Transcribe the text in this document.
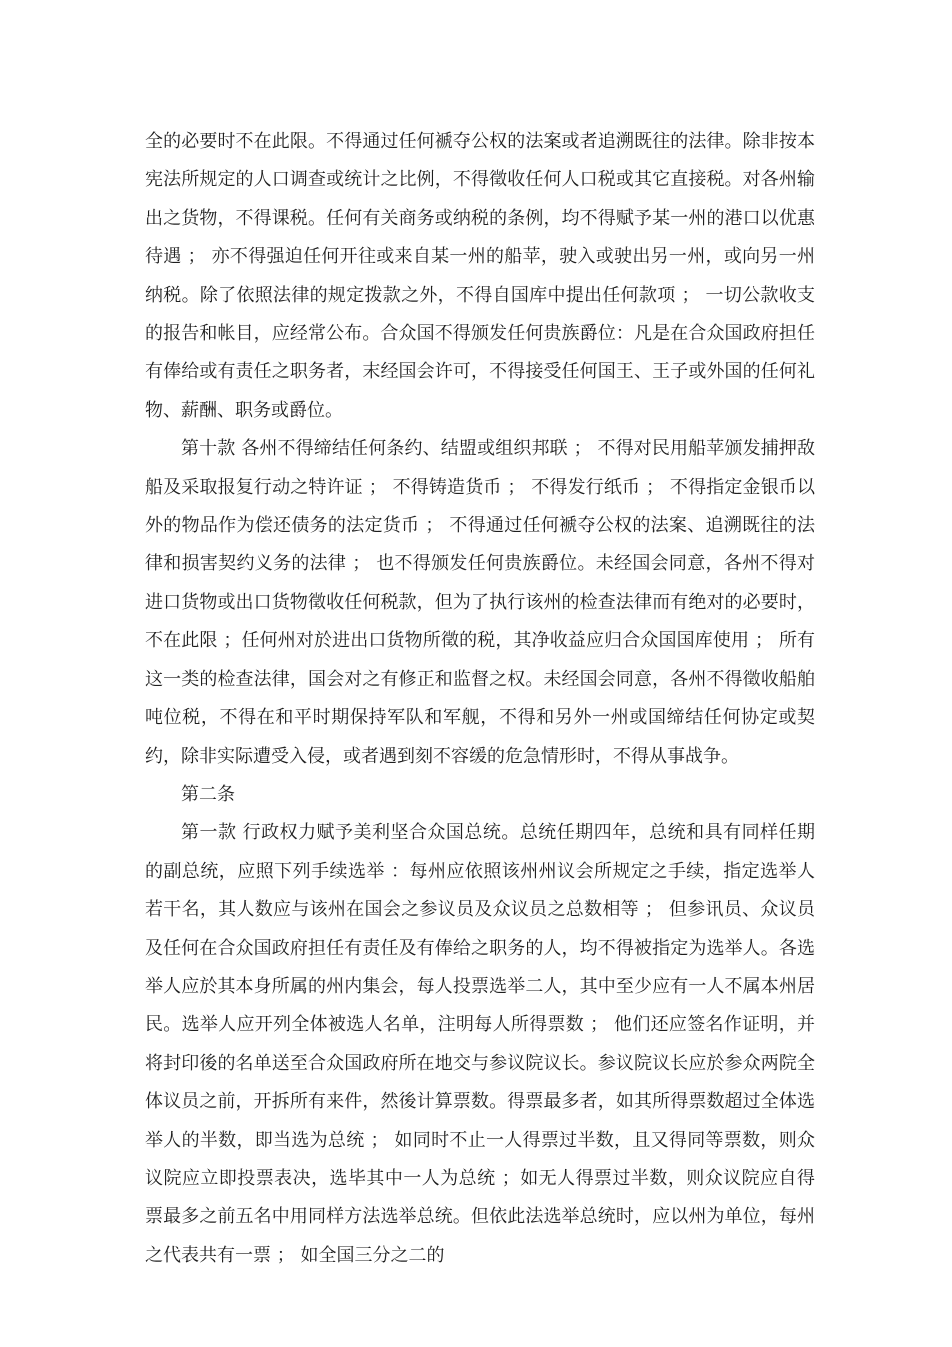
全的必要时不在此限。不得通过任何褫夺公权的法案或者追溯既往的法律。除非按本宪法所规定的人口调查或统计之比例，不得徵收任何人口税或其它直接税。对各州输出之货物，不得课税。任何有关商务或纳税的条例，均不得赋予某一州的港口以优惠待遇 ； 亦不得强迫任何开往或来自某一州的船苹，驶入或驶出另一州，或向另一州纳税。除了依照法律的规定拨款之外，不得自国库中提出任何款项 ； 一切公款收支的报告和帐目，应经常公布。合众国不得颁发任何贵族爵位：凡是在合众国政府担任有俸给或有责任之职务者，末经国会许可，不得接受任何国王、王子或外国的任何礼物、薪酬、职务或爵位。

第十款 各州不得缔结任何条约、结盟或组织邦联 ； 不得对民用船苹颁发捕押敌船及采取报复行动之特许证 ； 不得铸造货币 ； 不得发行纸币 ； 不得指定金银币以外的物品作为偿还债务的法定货币 ； 不得通过任何褫夺公权的法案、追溯既往的法律和损害契约义务的法律 ； 也不得颁发任何贵族爵位。未经国会同意，各州不得对进口货物或出口货物徵收任何税款，但为了执行该州的检查法律而有绝对的必要时，不在此限 ；任何州对於进出口货物所徵的税，其净收益应归合众国国库使用 ； 所有这一类的检查法律，国会对之有修正和监督之权。未经国会同意，各州不得徵收船舶吨位税，不得在和平时期保持军队和军舰，不得和另外一州或国缔结任何协定或契约，除非实际遭受入侵，或者遇到刻不容缓的危急情形时，不得从事战争。

第二条

第一款 行政权力赋予美利坚合众国总统。总统任期四年，总统和具有同样任期的副总统，应照下列手续选举 ：每州应依照该州州议会所规定之手续，指定选举人若干名，其人数应与该州在国会之参议员及众议员之总数相等 ； 但参讯员、众议员及任何在合众国政府担任有责任及有俸给之职务的人，均不得被指定为选举人。各选举人应於其本身所属的州内集会，每人投票选举二人，其中至少应有一人不属本州居民。选举人应开列全体被选人名单，注明每人所得票数 ； 他们还应签名作证明，并将封印後的名单送至合众国政府所在地交与参议院议长。参议院议长应於参众两院全体议员之前，开拆所有来件，然後计算票数。得票最多者，如其所得票数超过全体选举人的半数，即当选为总统 ； 如同时不止一人得票过半数，且又得同等票数，则众议院应立即投票表决，选毕其中一人为总统 ；如无人得票过半数，则众议院应自得票最多之前五名中用同样方法选举总统。但依此法选举总统时，应以州为单位，每州之代表共有一票 ； 如全国三分之二的
